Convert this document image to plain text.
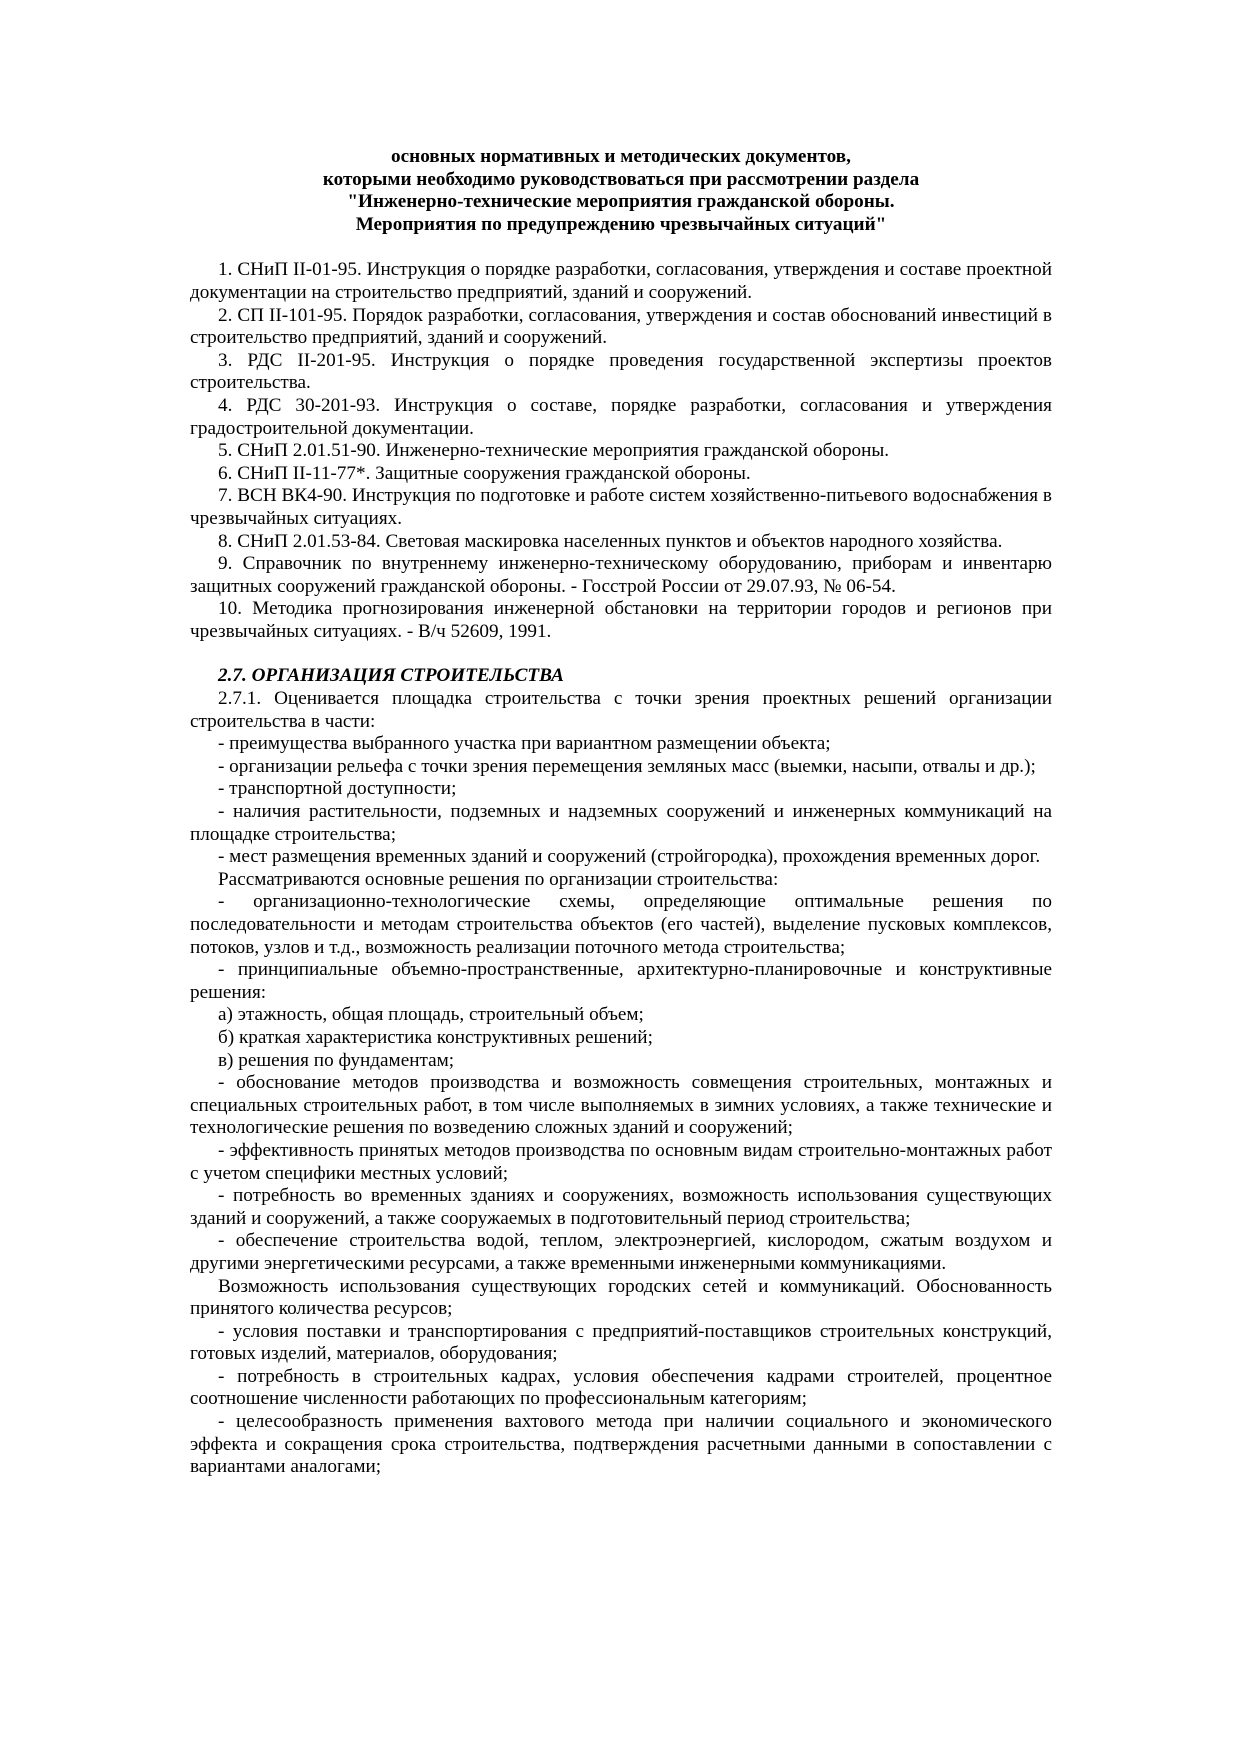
основных нормативных и методических документов,
которыми необходимо руководствоваться при рассмотрении раздела
"Инженерно-технические мероприятия гражданской обороны.
Мероприятия по предупреждению чрезвычайных ситуаций"

1. СНиП II-01-95. Инструкция о порядке разработки, согласования, утверждения и составе проектной документации на строительство предприятий, зданий и сооружений.

2. СП II-101-95. Порядок разработки, согласования, утверждения и состав обоснований инвестиций в строительство предприятий, зданий и сооружений.

3. РДС II-201-95. Инструкция о порядке проведения государственной экспертизы проектов строительства.

4. РДС 30-201-93. Инструкция о составе, порядке разработки, согласования и утверждения градостроительной документации.

5. СНиП 2.01.51-90. Инженерно-технические мероприятия гражданской обороны.

6. СНиП II-11-77*. Защитные сооружения гражданской обороны.

7. ВСН ВК4-90. Инструкция по подготовке и работе систем хозяйственно-питьевого водоснабжения в чрезвычайных ситуациях.

8. СНиП 2.01.53-84. Световая маскировка населенных пунктов и объектов народного хозяйства.

9. Справочник по внутреннему инженерно-техническому оборудованию, приборам и инвентарю защитных сооружений гражданской обороны. - Госстрой России от 29.07.93, № 06-54.

10. Методика прогнозирования инженерной обстановки на территории городов и регионов при чрезвычайных ситуациях. - В/ч 52609, 1991.

2.7. ОРГАНИЗАЦИЯ СТРОИТЕЛЬСТВА

2.7.1. Оценивается площадка строительства с точки зрения проектных решений организации строительства в части:

- преимущества выбранного участка при вариантном размещении объекта;

- организации рельефа с точки зрения перемещения земляных масс (выемки, насыпи, отвалы и др.);

- транспортной доступности;

- наличия растительности, подземных и надземных сооружений и инженерных коммуникаций на площадке строительства;

- мест размещения временных зданий и сооружений (стройгородка), прохождения временных дорог.

Рассматриваются основные решения по организации строительства:

- организационно-технологические схемы, определяющие оптимальные решения по последовательности и методам строительства объектов (его частей), выделение пусковых комплексов, потоков, узлов и т.д., возможность реализации поточного метода строительства;

- принципиальные объемно-пространственные, архитектурно-планировочные и конструктивные решения:

а) этажность, общая площадь, строительный объем;

б) краткая характеристика конструктивных решений;

в) решения по фундаментам;

- обоснование методов производства и возможность совмещения строительных, монтажных и специальных строительных работ, в том числе выполняемых в зимних условиях, а также технические и технологические решения по возведению сложных зданий и сооружений;

- эффективность принятых методов производства по основным видам строительно-монтажных работ с учетом специфики местных условий;

- потребность во временных зданиях и сооружениях, возможность использования существующих зданий и сооружений, а также сооружаемых в подготовительный период строительства;

- обеспечение строительства водой, теплом, электроэнергией, кислородом, сжатым воздухом и другими энергетическими ресурсами, а также временными инженерными коммуникациями.

Возможность использования существующих городских сетей и коммуникаций. Обоснованность принятого количества ресурсов;

- условия поставки и транспортирования с предприятий-поставщиков строительных конструкций, готовых изделий, материалов, оборудования;

- потребность в строительных кадрах, условия обеспечения кадрами строителей, процентное соотношение численности работающих по профессиональным категориям;

- целесообразность применения вахтового метода при наличии социального и экономического эффекта и сокращения срока строительства, подтверждения расчетными данными в сопоставлении с вариантами аналогами;
